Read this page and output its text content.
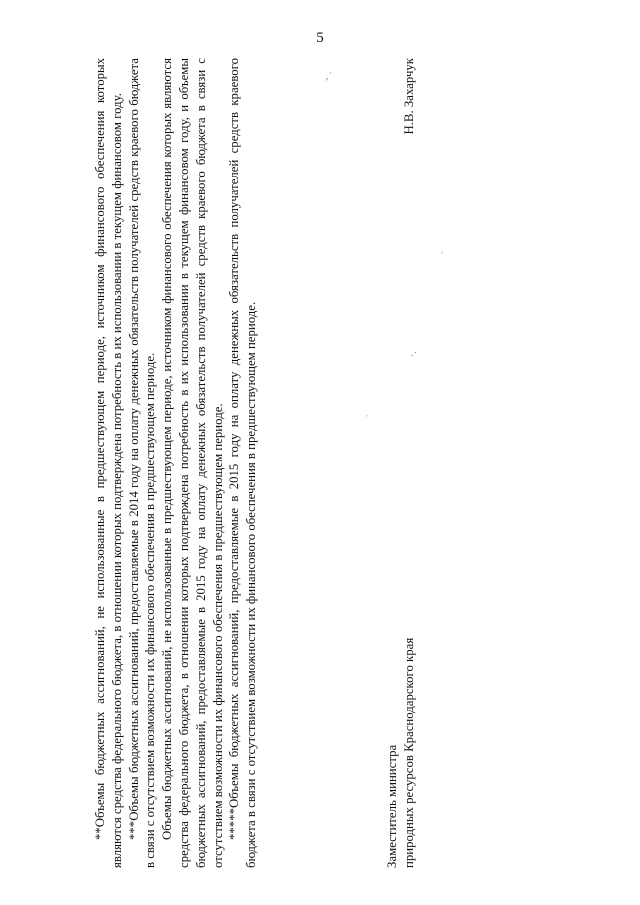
5

**Объемы бюджетных ассигнований, не использованные в предшествующем периоде, источником финансового обеспечения которых являются средства федерального бюджета, в отношении которых подтверждена потребность в их использовании в текущем финансовом году. ***Объемы бюджетных ассигнований, предоставляемые в 2014 году на оплату денежных обязательств получателей средств краевого бюджета в связи с отсутствием возможности их финансового обеспечения в предшествующем периоде. Объемы бюджетных ассигнований, не использованные в предшествующем периоде, источником финансового обеспечения которых являются средства федерального бюджета, в отношении которых подтверждена потребность в их использовании в текущем финансовом году, и объемы бюджетных ассигнований, предоставляемые в 2015 году на оплату денежных обязательств получателей средств краевого бюджета в связи с отсутствием возможности их финансового обеспечения в предшествующем периоде. *****Объемы бюджетных ассигнований, предоставляемые в 2015 году на оплату денежных обязательств получателей средств краевого бюджета в связи с отсутствием возможности их финансового обеспечения в предшествующем периоде.	Заместитель министра природных ресурсов Краснодарского края
Н.В. Захарчук
‚ˈ
˒
·˙
ˌ
